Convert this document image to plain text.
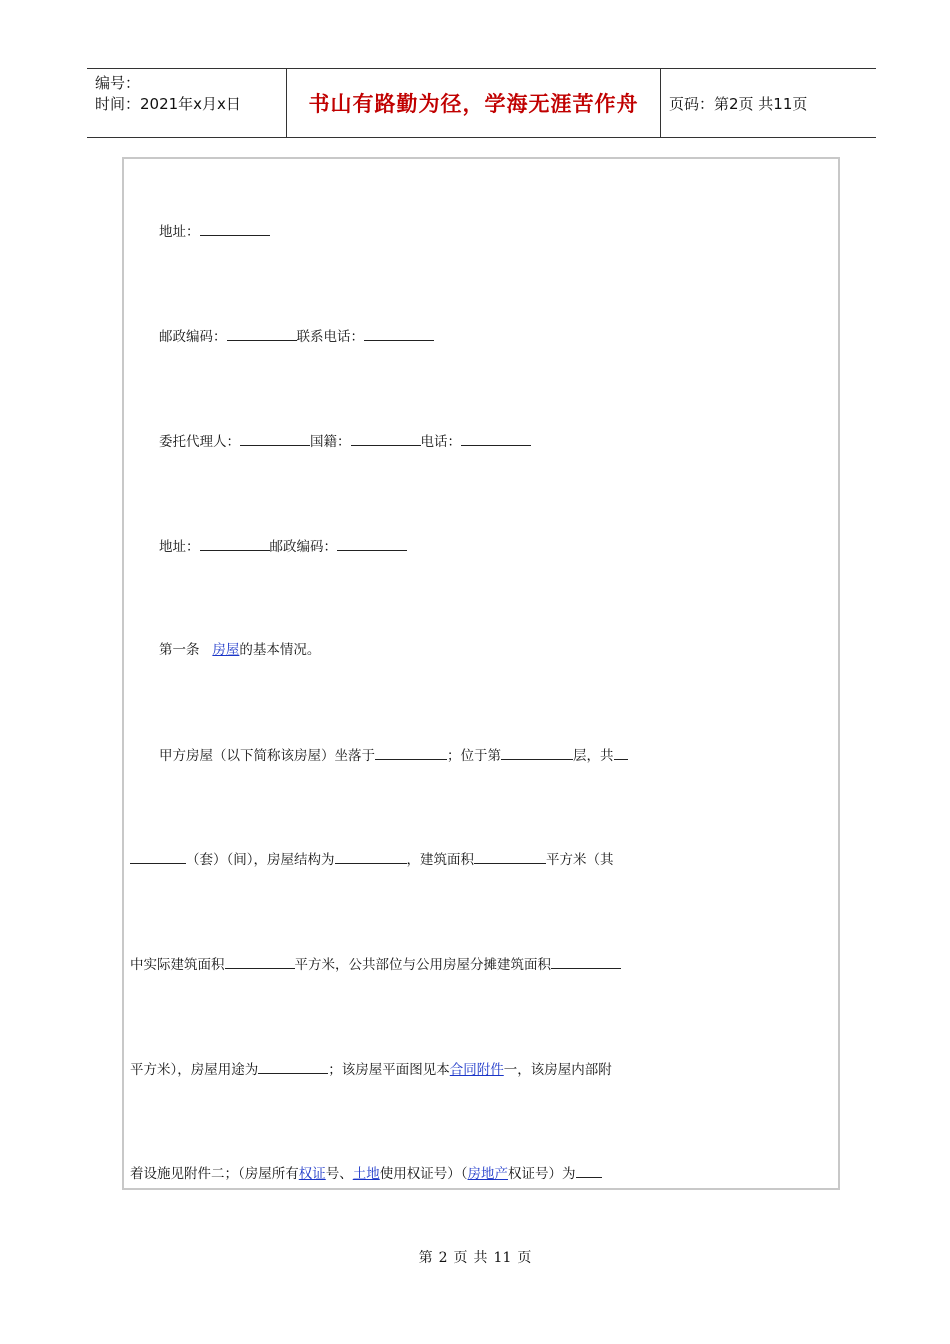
编号：
时间：2021年x月x日	书山有路勤为径，学海无涯苦作舟	页码：第2页 共11页
地址：
邮政编码：	联系电话：
委托代理人：	国籍：	电话：
地址：	邮政编码：
第一条   房屋的基本情况。
甲方房屋（以下简称该房屋）坐落于	；位于第	层，共
（套）（间），房屋结构为	，建筑面积	平方米（其
中实际建筑面积	平方米，公共部位与公用房屋分摊建筑面积
平方米），房屋用途为	；该房屋平面图见本合同附件一，该房屋内部附
着设施见附件二；（房屋所有权证号、土地使用权证号）（房地产权证号）为
第 2 页 共 11 页
